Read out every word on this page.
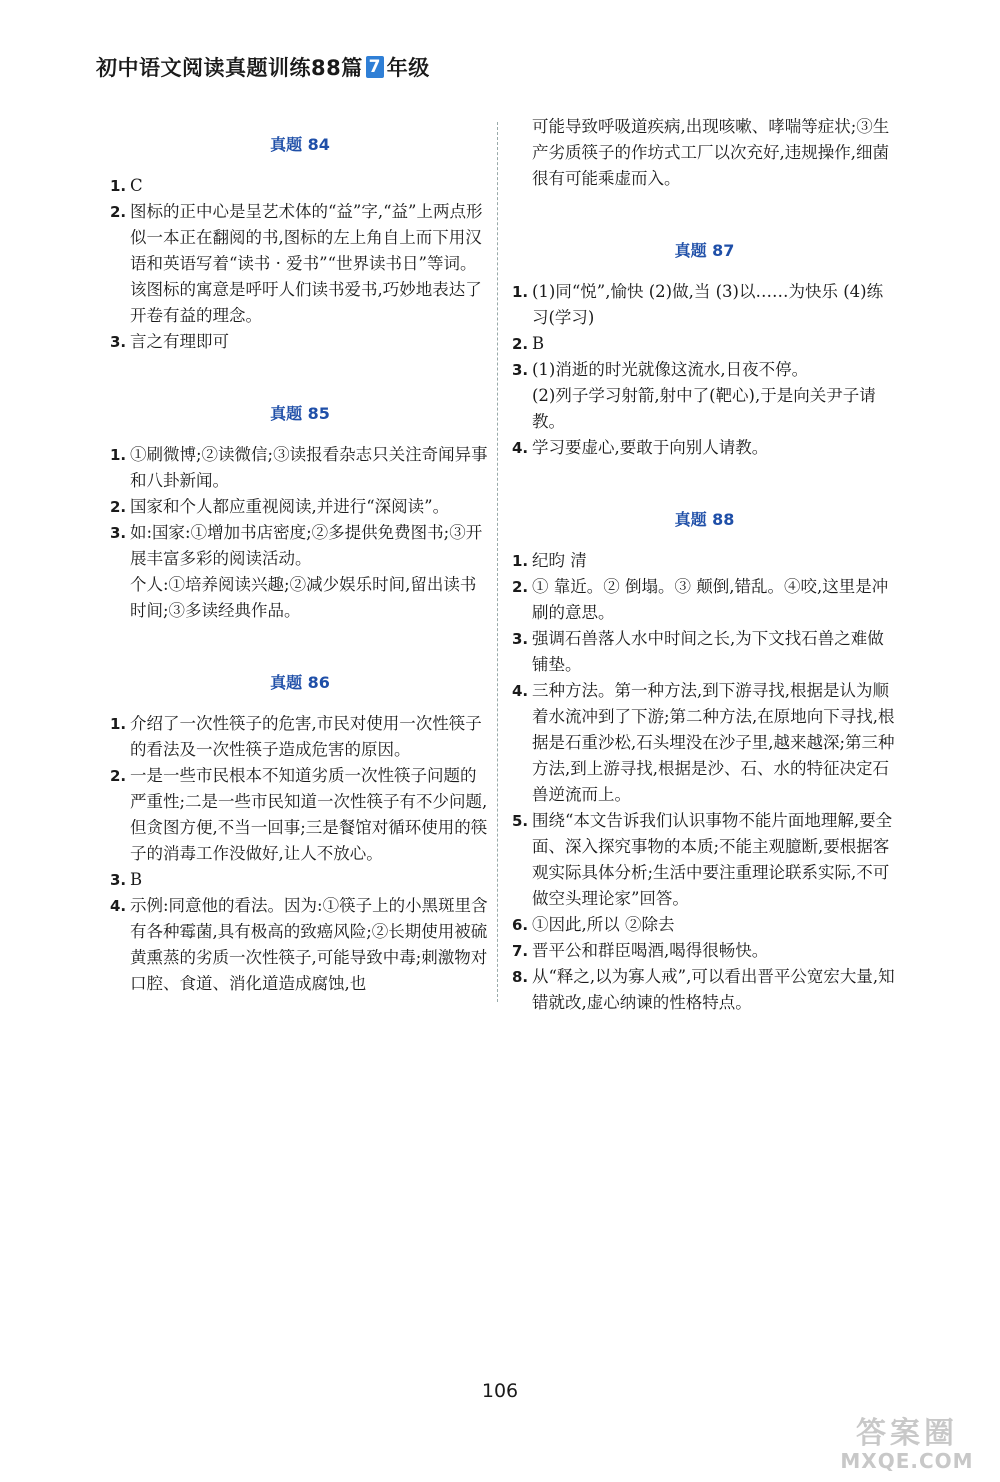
初中语文阅读真题训练88篇 7 年级
真题 84
1. C
2. 图标的正中心是呈艺术体的“益”字,“益”上两点形似一本正在翻阅的书,图标的左上角自上而下用汉语和英语写着“读书 · 爱书”“世界读书日”等词。该图标的寓意是呼吁人们读书爱书,巧妙地表达了开卷有益的理念。
3. 言之有理即可
真题 85
1. ①刷微博;②读微信;③读报看杂志只关注奇闻异事和八卦新闻。
2. 国家和个人都应重视阅读,并进行“深阅读”。
3. 如:国家:①增加书店密度;②多提供免费图书;③开展丰富多彩的阅读活动。
个人:①培养阅读兴趣;②减少娱乐时间,留出读书时间;③多读经典作品。
真题 86
1. 介绍了一次性筷子的危害,市民对使用一次性筷子的看法及一次性筷子造成危害的原因。
2. 一是一些市民根本不知道劣质一次性筷子问题的严重性;二是一些市民知道一次性筷子有不少问题,但贪图方便,不当一回事;三是餐馆对循环使用的筷子的消毒工作没做好,让人不放心。
3. B
4. 示例:同意他的看法。因为:①筷子上的小黑斑里含有各种霉菌,具有极高的致癌风险;②长期使用被硫黄熏蒸的劣质一次性筷子,可能导致中毒;刺激物对口腔、食道、消化道造成腐蚀,也
可能导致呼吸道疾病,出现咳嗽、哮喘等症状;③生产劣质筷子的作坊式工厂以次充好,违规操作,细菌很有可能乘虚而入。
真题 87
1. (1)同“悦”,愉快 (2)做,当 (3)以……为快乐 (4)练习(学习)
2. B
3. (1)消逝的时光就像这流水,日夜不停。
(2)列子学习射箭,射中了(靶心),于是向关尹子请教。
4. 学习要虚心,要敢于向别人请教。
真题 88
1. 纪昀 清
2. ① 靠近。② 倒塌。③ 颠倒,错乱。④咬,这里是冲刷的意思。
3. 强调石兽落人水中时间之长,为下文找石兽之难做铺垫。
4. 三种方法。第一种方法,到下游寻找,根据是认为顺着水流冲到了下游;第二种方法,在原地向下寻找,根据是石重沙松,石头埋没在沙子里,越来越深;第三种方法,到上游寻找,根据是沙、石、水的特征决定石兽逆流而上。
5. 围绕“本文告诉我们认识事物不能片面地理解,要全面、深入探究事物的本质;不能主观臆断,要根据客观实际具体分析;生活中要注重理论联系实际,不可做空头理论家”回答。
6. ①因此,所以 ②除去
7. 晋平公和群臣喝酒,喝得很畅快。
8. 从“释之,以为寡人戒”,可以看出晋平公宽宏大量,知错就改,虚心纳谏的性格特点。
106
答案圈
MXQE.COM
